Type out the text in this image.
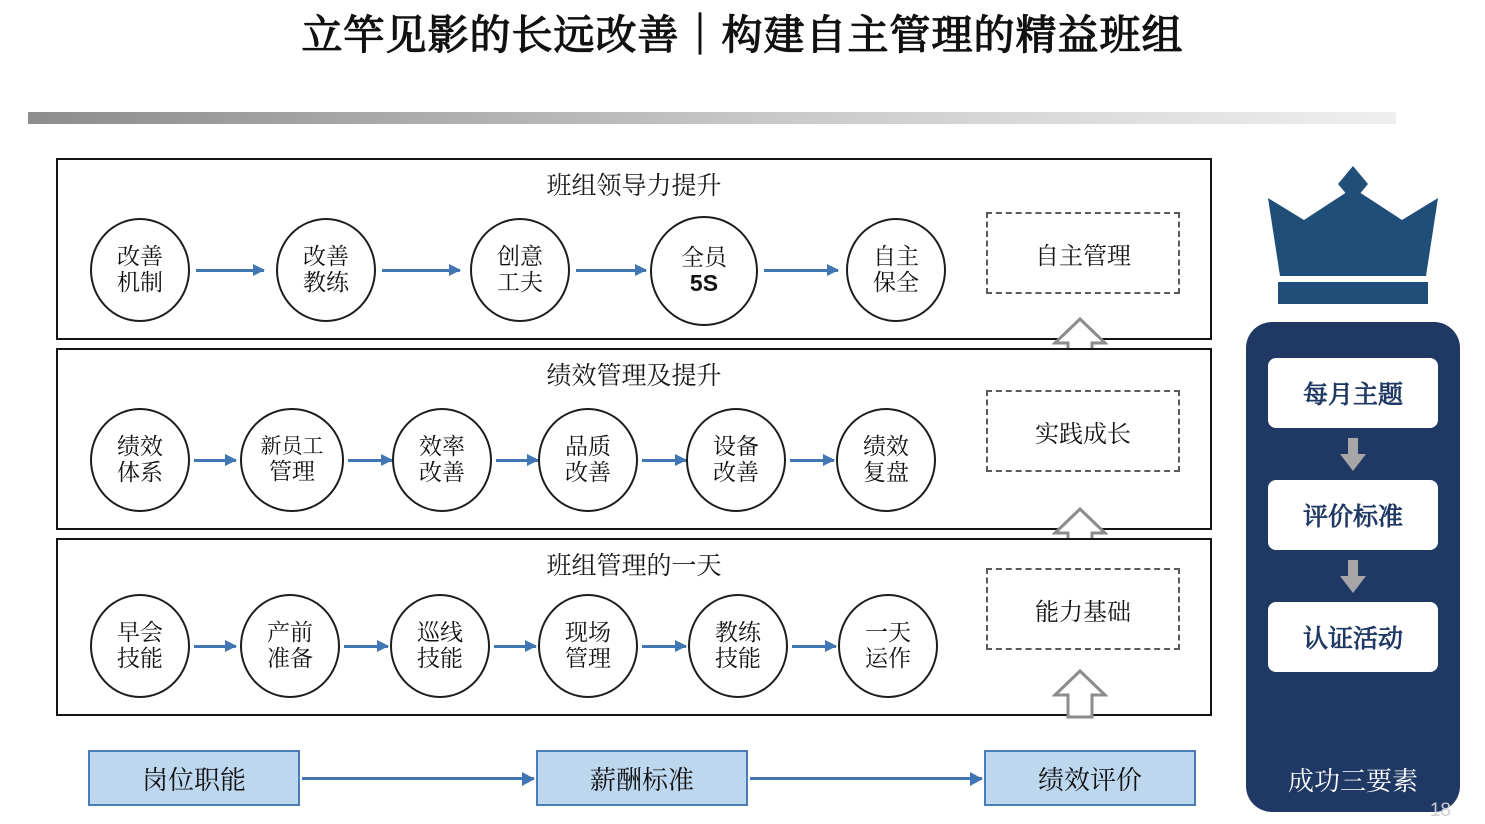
立竿见影的长远改善｜构建自主管理的精益班组
班组领导力提升
改善
机制
改善
教练
创意
工夫
全员
5S
自主
保全
自主管理
绩效管理及提升
绩效
体系
新员工
管理
效率
改善
品质
改善
设备
改善
绩效
复盘
实践成长
班组管理的一天
早会
技能
产前
准备
巡线
技能
现场
管理
教练
技能
一天
运作
能力基础
岗位职能	薪酬标准	绩效评价
每月主题
评价标准
认证活动
成功三要素
18
